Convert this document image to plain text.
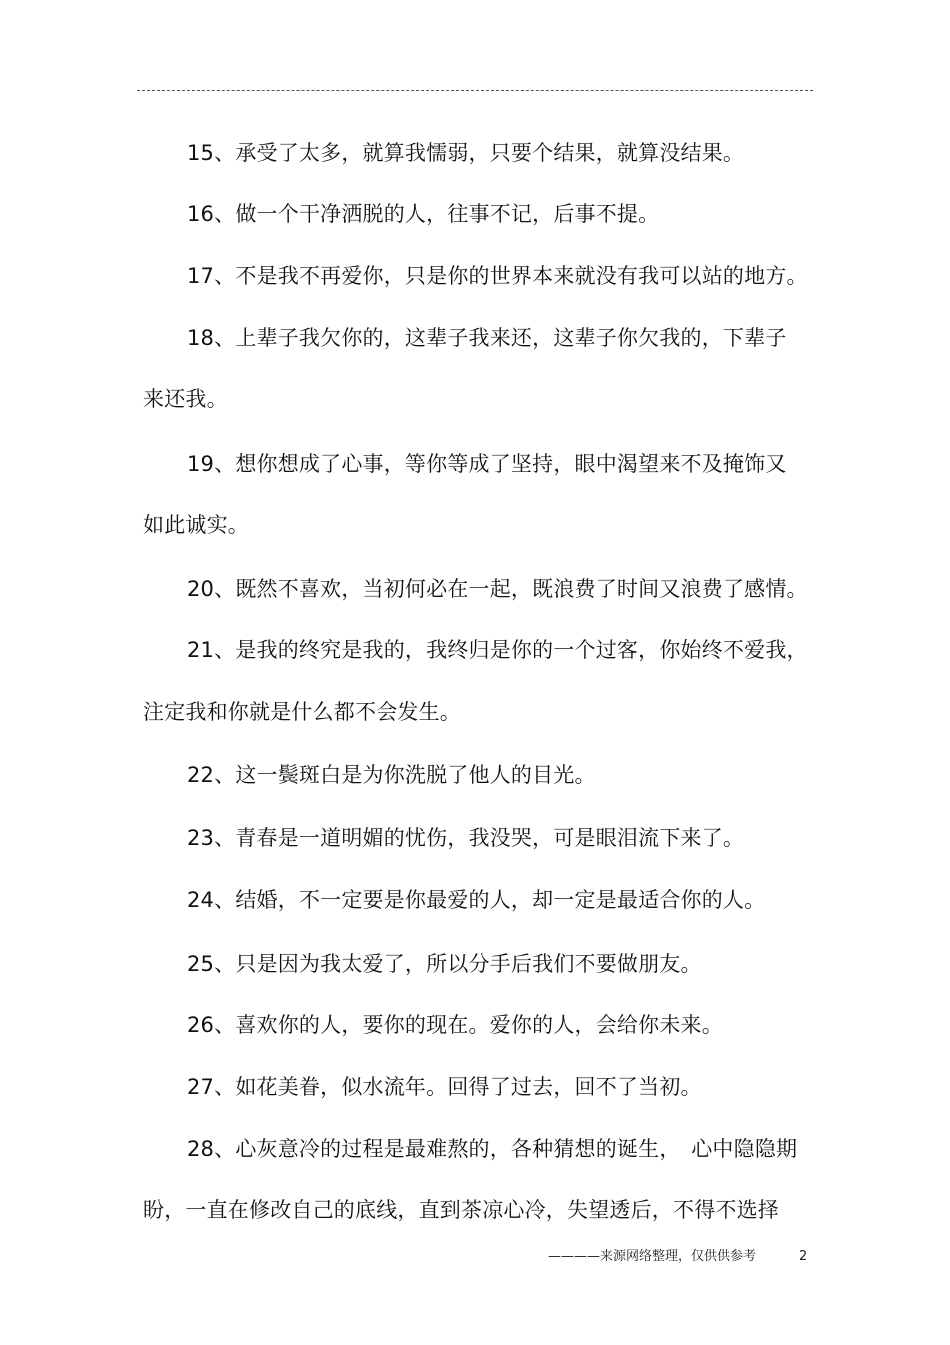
15、承受了太多，就算我懦弱，只要个结果，就算没结果。
16、做一个干净洒脱的人，往事不记，后事不提。
17、不是我不再爱你，只是你的世界本来就没有我可以站的地方。
18、上辈子我欠你的，这辈子我来还，这辈子你欠我的，下辈子
来还我。
19、想你想成了心事，等你等成了坚持，眼中渴望来不及掩饰又
如此诚实。
20、既然不喜欢，当初何必在一起，既浪费了时间又浪费了感情。
21、是我的终究是我的，我终归是你的一个过客，你始终不爱我，
注定我和你就是什么都不会发生。
22、这一鬓斑白是为你洗脱了他人的目光。
23、青春是一道明媚的忧伤，我没哭，可是眼泪流下来了。
24、结婚，不一定要是你最爱的人，却一定是最适合你的人。
25、只是因为我太爱了，所以分手后我们不要做朋友。
26、喜欢你的人，要你的现在。爱你的人，会给你未来。
27、如花美眷，似水流年。回得了过去，回不了当初。
28、心灰意冷的过程是最难熬的，各种猜想的诞生，　心中隐隐期
盼，一直在修改自己的底线，直到茶凉心冷，失望透后，不得不选择
————来源网络整理，仅供供参考	2
